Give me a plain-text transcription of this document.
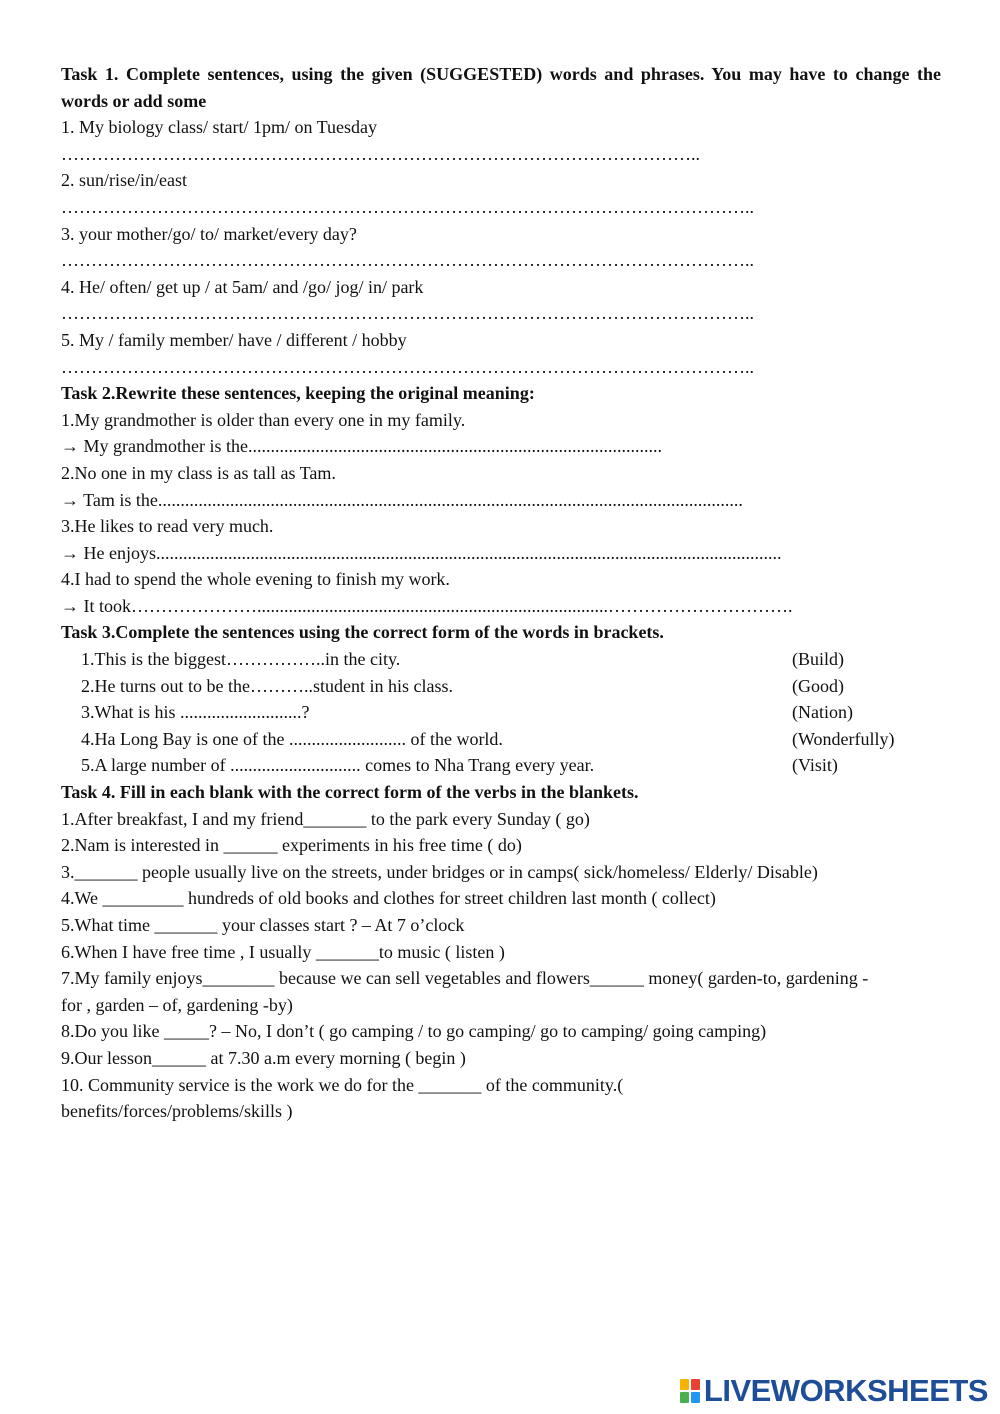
Task 1. Complete sentences, using the given (SUGGESTED) words and phrases. You may have to change the words or add some
1. My biology class/ start/ 1pm/ on Tuesday
……………………………………………………………………………………………..
2. sun/rise/in/east
……………………………………………………………………………………………………..
3. your mother/go/ to/ market/every day?
……………………………………………………………………………………………………..
4. He/ often/ get up / at 5am/ and /go/ jog/ in/ park
……………………………………………………………………………………………………..
5. My / family member/ have / different / hobby
……………………………………………………………………………………………………..
Task 2.Rewrite these sentences, keeping the original meaning:
1.My grandmother is older than every one in my family.
→ My grandmother is the............................................................................................
2.No one in my class is as tall as Tam.
→ Tam is the..................................................................................................................................
3.He likes to read very much.
→ He enjoys...........................................................................................................................................
4.I had to spend the whole evening to finish my work.
→ It took…………………..............................................................................………………………….
Task 3.Complete the sentences using the correct form of the words in brackets.
1.This is the biggest……………..in the city.	(Build)
2.He turns out to be the………..student in his class.	(Good)
3.What is his ...........................?	(Nation)
4.Ha Long Bay is one of the .......................... of the world.	(Wonderfully)
5.A large number of ............................. comes to Nha Trang every year.	(Visit)
Task 4. Fill in each blank with the correct form of the verbs in the blankets.
1.After breakfast, I and my friend_______ to the park every Sunday ( go)
2.Nam is interested in ______ experiments in his free time ( do)
3._______ people usually live on the streets, under bridges or in camps( sick/homeless/ Elderly/ Disable)
4.We _________ hundreds of old books and clothes for street children last month ( collect)
5.What time _______ your classes start ? – At 7 o’clock
6.When I have free time , I usually _______to music ( listen )
7.My family enjoys________ because we can sell vegetables and flowers______ money( garden-to, gardening -for , garden – of, gardening -by)
8.Do you like _____? – No, I don’t ( go camping / to go camping/ go to camping/ going camping)
9.Our lesson______ at 7.30 a.m every morning ( begin )
10. Community service is the work we do for the _______ of the community.( benefits/forces/problems/skills )
LIVEWORKSHEETS
